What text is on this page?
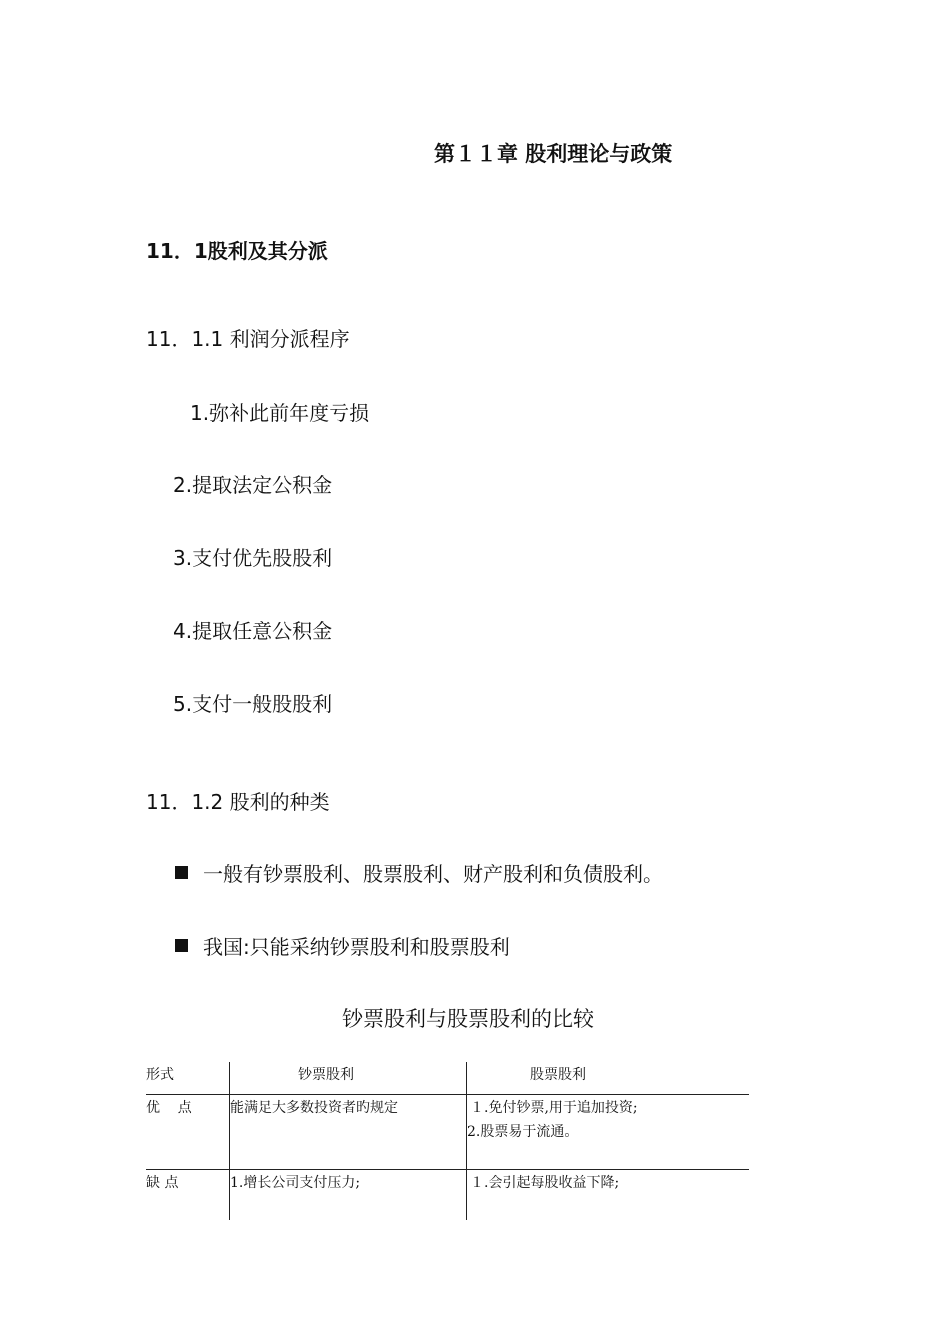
第１１章 股利理论与政策
11．1股利及其分派
11．1.1 利润分派程序
1.弥补此前年度亏损
2.提取法定公积金
3.支付优先股股利
4.提取任意公积金
5.支付一般股股利
11．1.2 股利的种类
一般有钞票股利、股票股利、财产股利和负债股利。
我国:只能采纳钞票股利和股票股利
钞票股利与股票股利的比较
形式	钞票股利	股票股利
优    点	能满足大多数投资者旳规定	１.免付钞票,用于追加投资;
2.股票易于流通。
缺 点	1.增长公司支付压力;	１.会引起每股收益下降;
